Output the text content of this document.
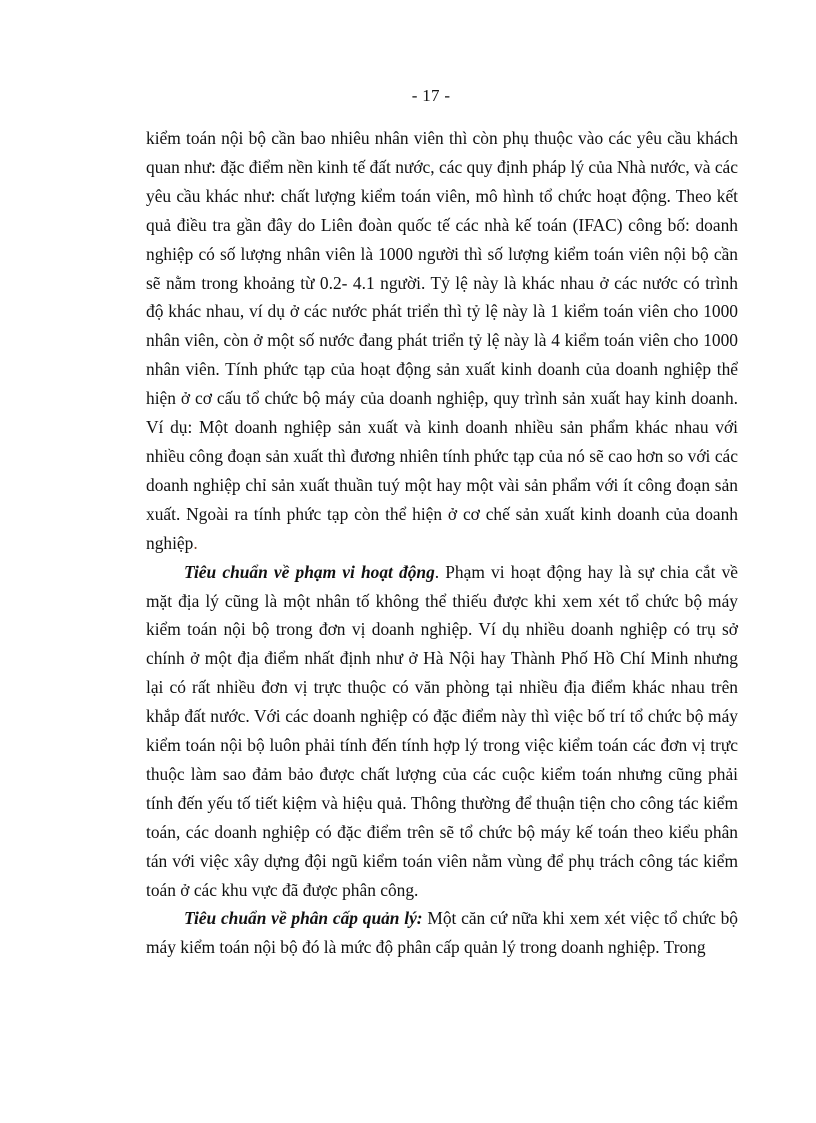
- 17 -

kiểm toán nội bộ cần bao nhiêu nhân viên thì còn phụ thuộc vào các yêu cầu khách quan như: đặc điểm nền kinh tế đất nước, các quy định pháp lý của Nhà nước, và các yêu cầu khác như: chất lượng kiểm toán viên, mô hình tổ chức hoạt động. Theo kết quả điều tra gần đây do Liên đoàn quốc tế các nhà kế toán (IFAC) công bố: doanh nghiệp có số lượng nhân viên là 1000 người thì số lượng kiểm toán viên nội bộ cần sẽ nằm trong khoảng từ 0.2- 4.1 người. Tỷ lệ này là khác nhau ở các nước có trình độ khác nhau, ví dụ ở các nước phát triển thì tỷ lệ này là 1 kiểm toán viên cho 1000 nhân viên, còn ở một số nước đang phát triển tỷ lệ này là 4 kiểm toán viên cho 1000 nhân viên. Tính phức tạp của hoạt động sản xuất kinh doanh của doanh nghiệp thể hiện ở cơ cấu tổ chức bộ máy của doanh nghiệp, quy trình sản xuất hay kinh doanh. Ví dụ: Một doanh nghiệp sản xuất và kinh doanh nhiều sản phẩm khác nhau với nhiều công đoạn sản xuất thì đương nhiên tính phức tạp của nó sẽ cao hơn so với các doanh nghiệp chỉ sản xuất thuần tuý một hay một vài sản phẩm với ít công đoạn sản xuất. Ngoài ra tính phức tạp còn thể hiện ở cơ chế sản xuất kinh doanh của doanh nghiệp.

Tiêu chuẩn về phạm vi hoạt động. Phạm vi hoạt động hay là sự chia cắt về mặt địa lý cũng là một nhân tố không thể thiếu được khi xem xét tổ chức bộ máy kiểm toán nội bộ trong đơn vị doanh nghiệp. Ví dụ nhiều doanh nghiệp có trụ sở chính ở một địa điểm nhất định như ở Hà Nội hay Thành Phố Hồ Chí Minh nhưng lại có rất nhiều đơn vị trực thuộc có văn phòng tại nhiều địa điểm khác nhau trên khắp đất nước. Với các doanh nghiệp có đặc điểm này thì việc bố trí tổ chức bộ máy kiểm toán nội bộ luôn phải tính đến tính hợp lý trong việc kiểm toán các đơn vị trực thuộc làm sao đảm bảo được chất lượng của các cuộc kiểm toán nhưng cũng phải tính đến yếu tố tiết kiệm và hiệu quả. Thông thường để thuận tiện cho công tác kiểm toán, các doanh nghiệp có đặc điểm trên sẽ tổ chức bộ máy kế toán theo kiểu phân tán với việc xây dựng đội ngũ kiểm toán viên nằm vùng để phụ trách công tác kiểm toán ở các khu vực đã được phân công.

Tiêu chuẩn về phân cấp quản lý: Một căn cứ nữa khi xem xét việc tổ chức bộ máy kiểm toán nội bộ đó là mức độ phân cấp quản lý trong doanh nghiệp. Trong
